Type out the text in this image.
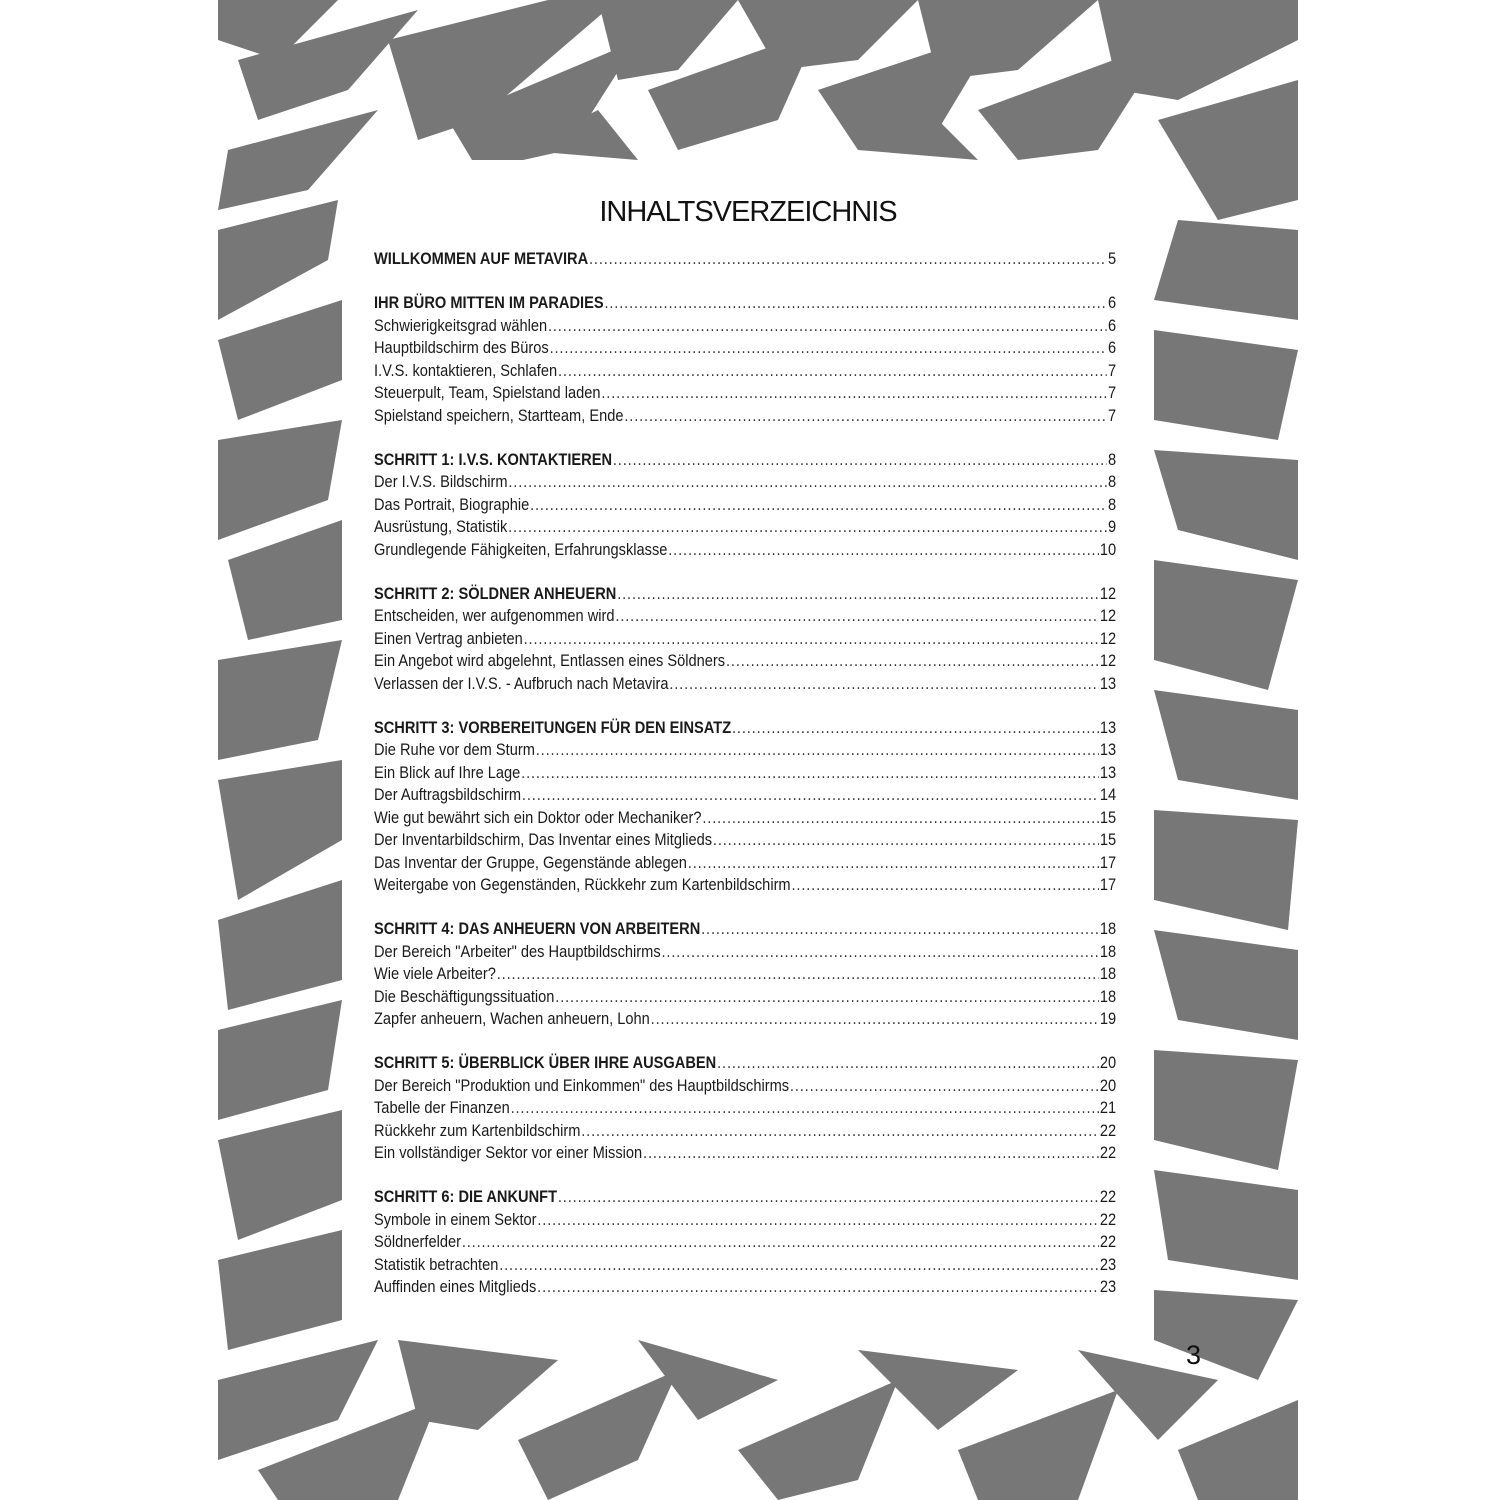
INHALTSVERZEICHNIS
WILLKOMMEN AUF METAVIRA .....	5
IHR BÜRO MITTEN IM PARADIES .....	6
Schwierigkeitsgrad wählen .....	6
Hauptbildschirm des Büros .....	6
I.V.S. kontaktieren, Schlafen .....	7
Steuerpult, Team, Spielstand laden .....	7
Spielstand speichern, Startteam, Ende .....	7
SCHRITT 1: I.V.S. KONTAKTIEREN .....	8
Der I.V.S. Bildschirm .....	8
Das Portrait, Biographie .....	8
Ausrüstung, Statistik .....	9
Grundlegende Fähigkeiten, Erfahrungsklasse .....	10
SCHRITT 2: SÖLDNER ANHEUERN .....	12
Entscheiden, wer aufgenommen wird .....	12
Einen Vertrag anbieten .....	12
Ein Angebot wird abgelehnt, Entlassen eines Söldners .....	12
Verlassen der I.V.S. - Aufbruch nach Metavira .....	13
SCHRITT 3: VORBEREITUNGEN FÜR DEN EINSATZ .....	13
Die Ruhe vor dem Sturm .....	13
Ein Blick auf Ihre Lage .....	13
Der Auftragsbildschirm .....	14
Wie gut bewährt sich ein Doktor oder Mechaniker? .....	15
Der Inventarbildschirm, Das Inventar eines Mitglieds .....	15
Das Inventar der Gruppe, Gegenstände ablegen .....	17
Weitergabe von Gegenständen, Rückkehr zum Kartenbildschirm .....	17
SCHRITT 4: DAS ANHEUERN VON ARBEITERN .....	18
Der Bereich "Arbeiter" des Hauptbildschirms .....	18
Wie viele Arbeiter? .....	18
Die Beschäftigungssituation .....	18
Zapfer anheuern, Wachen anheuern, Lohn .....	19
SCHRITT 5: ÜBERBLICK ÜBER IHRE AUSGABEN .....	20
Der Bereich "Produktion und Einkommen" des Hauptbildschirms .....	20
Tabelle der Finanzen .....	21
Rückkehr zum Kartenbildschirm .....	22
Ein vollständiger Sektor vor einer Mission .....	22
SCHRITT 6: DIE ANKUNFT .....	22
Symbole in einem Sektor .....	22
Söldnerfelder .....	22
Statistik betrachten .....	23
Auffinden eines Mitglieds .....	23
3
